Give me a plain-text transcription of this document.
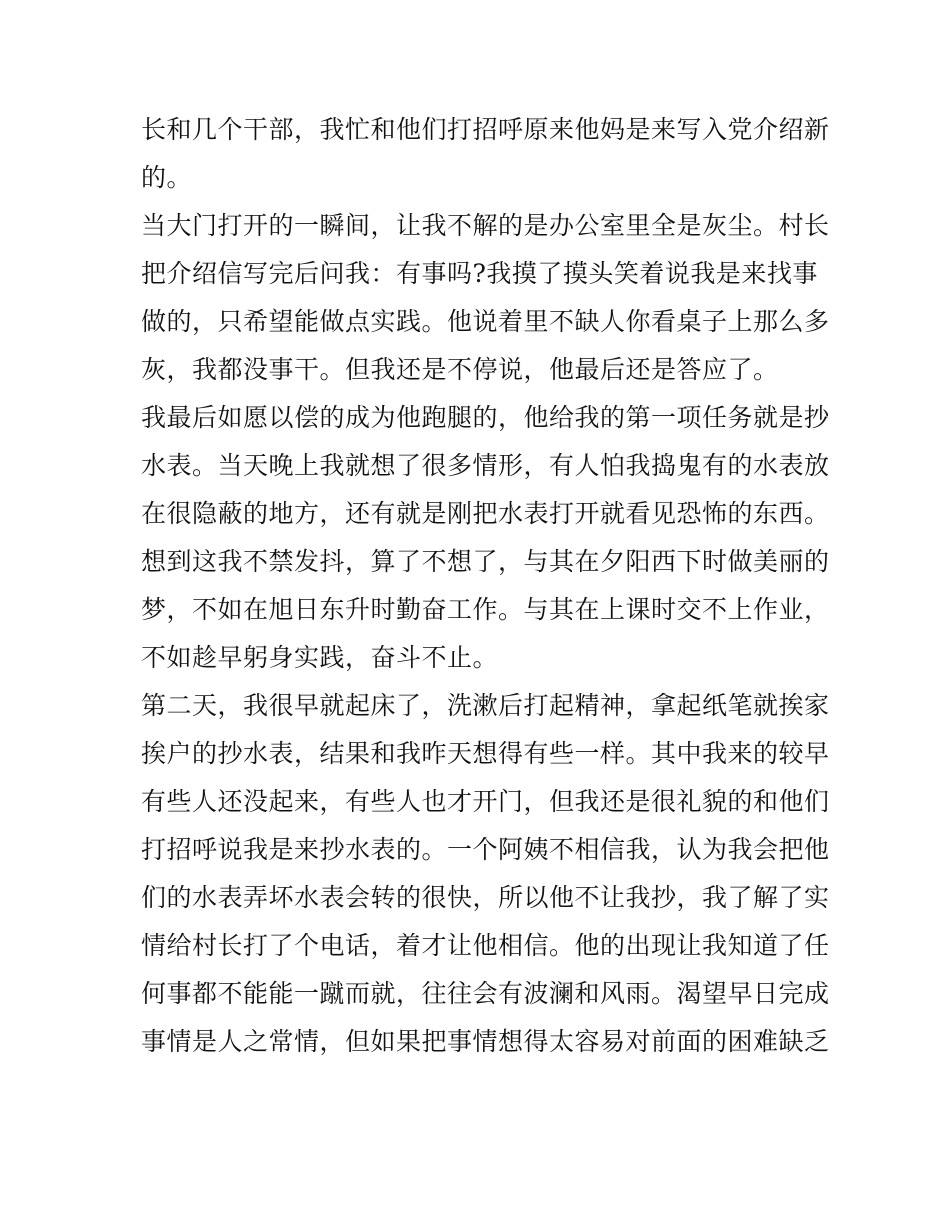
长和几个干部，我忙和他们打招呼原来他妈是来写入党介绍新
的。
当大门打开的一瞬间，让我不解的是办公室里全是灰尘。村长
把介绍信写完后问我：有事吗?我摸了摸头笑着说我是来找事
做的，只希望能做点实践。他说着里不缺人你看桌子上那么多
灰，我都没事干。但我还是不停说，他最后还是答应了。
我最后如愿以偿的成为他跑腿的，他给我的第一项任务就是抄
水表。当天晚上我就想了很多情形，有人怕我捣鬼有的水表放
在很隐蔽的地方，还有就是刚把水表打开就看见恐怖的东西。
想到这我不禁发抖，算了不想了，与其在夕阳西下时做美丽的
梦，不如在旭日东升时勤奋工作。与其在上课时交不上作业，
不如趁早躬身实践，奋斗不止。
第二天，我很早就起床了，洗漱后打起精神，拿起纸笔就挨家
挨户的抄水表，结果和我昨天想得有些一样。其中我来的较早
有些人还没起来，有些人也才开门，但我还是很礼貌的和他们
打招呼说我是来抄水表的。一个阿姨不相信我，认为我会把他
们的水表弄坏水表会转的很快，所以他不让我抄，我了解了实
情给村长打了个电话，着才让他相信。他的出现让我知道了任
何事都不能能一蹴而就，往往会有波澜和风雨。渴望早日完成
事情是人之常情，但如果把事情想得太容易对前面的困难缺乏
